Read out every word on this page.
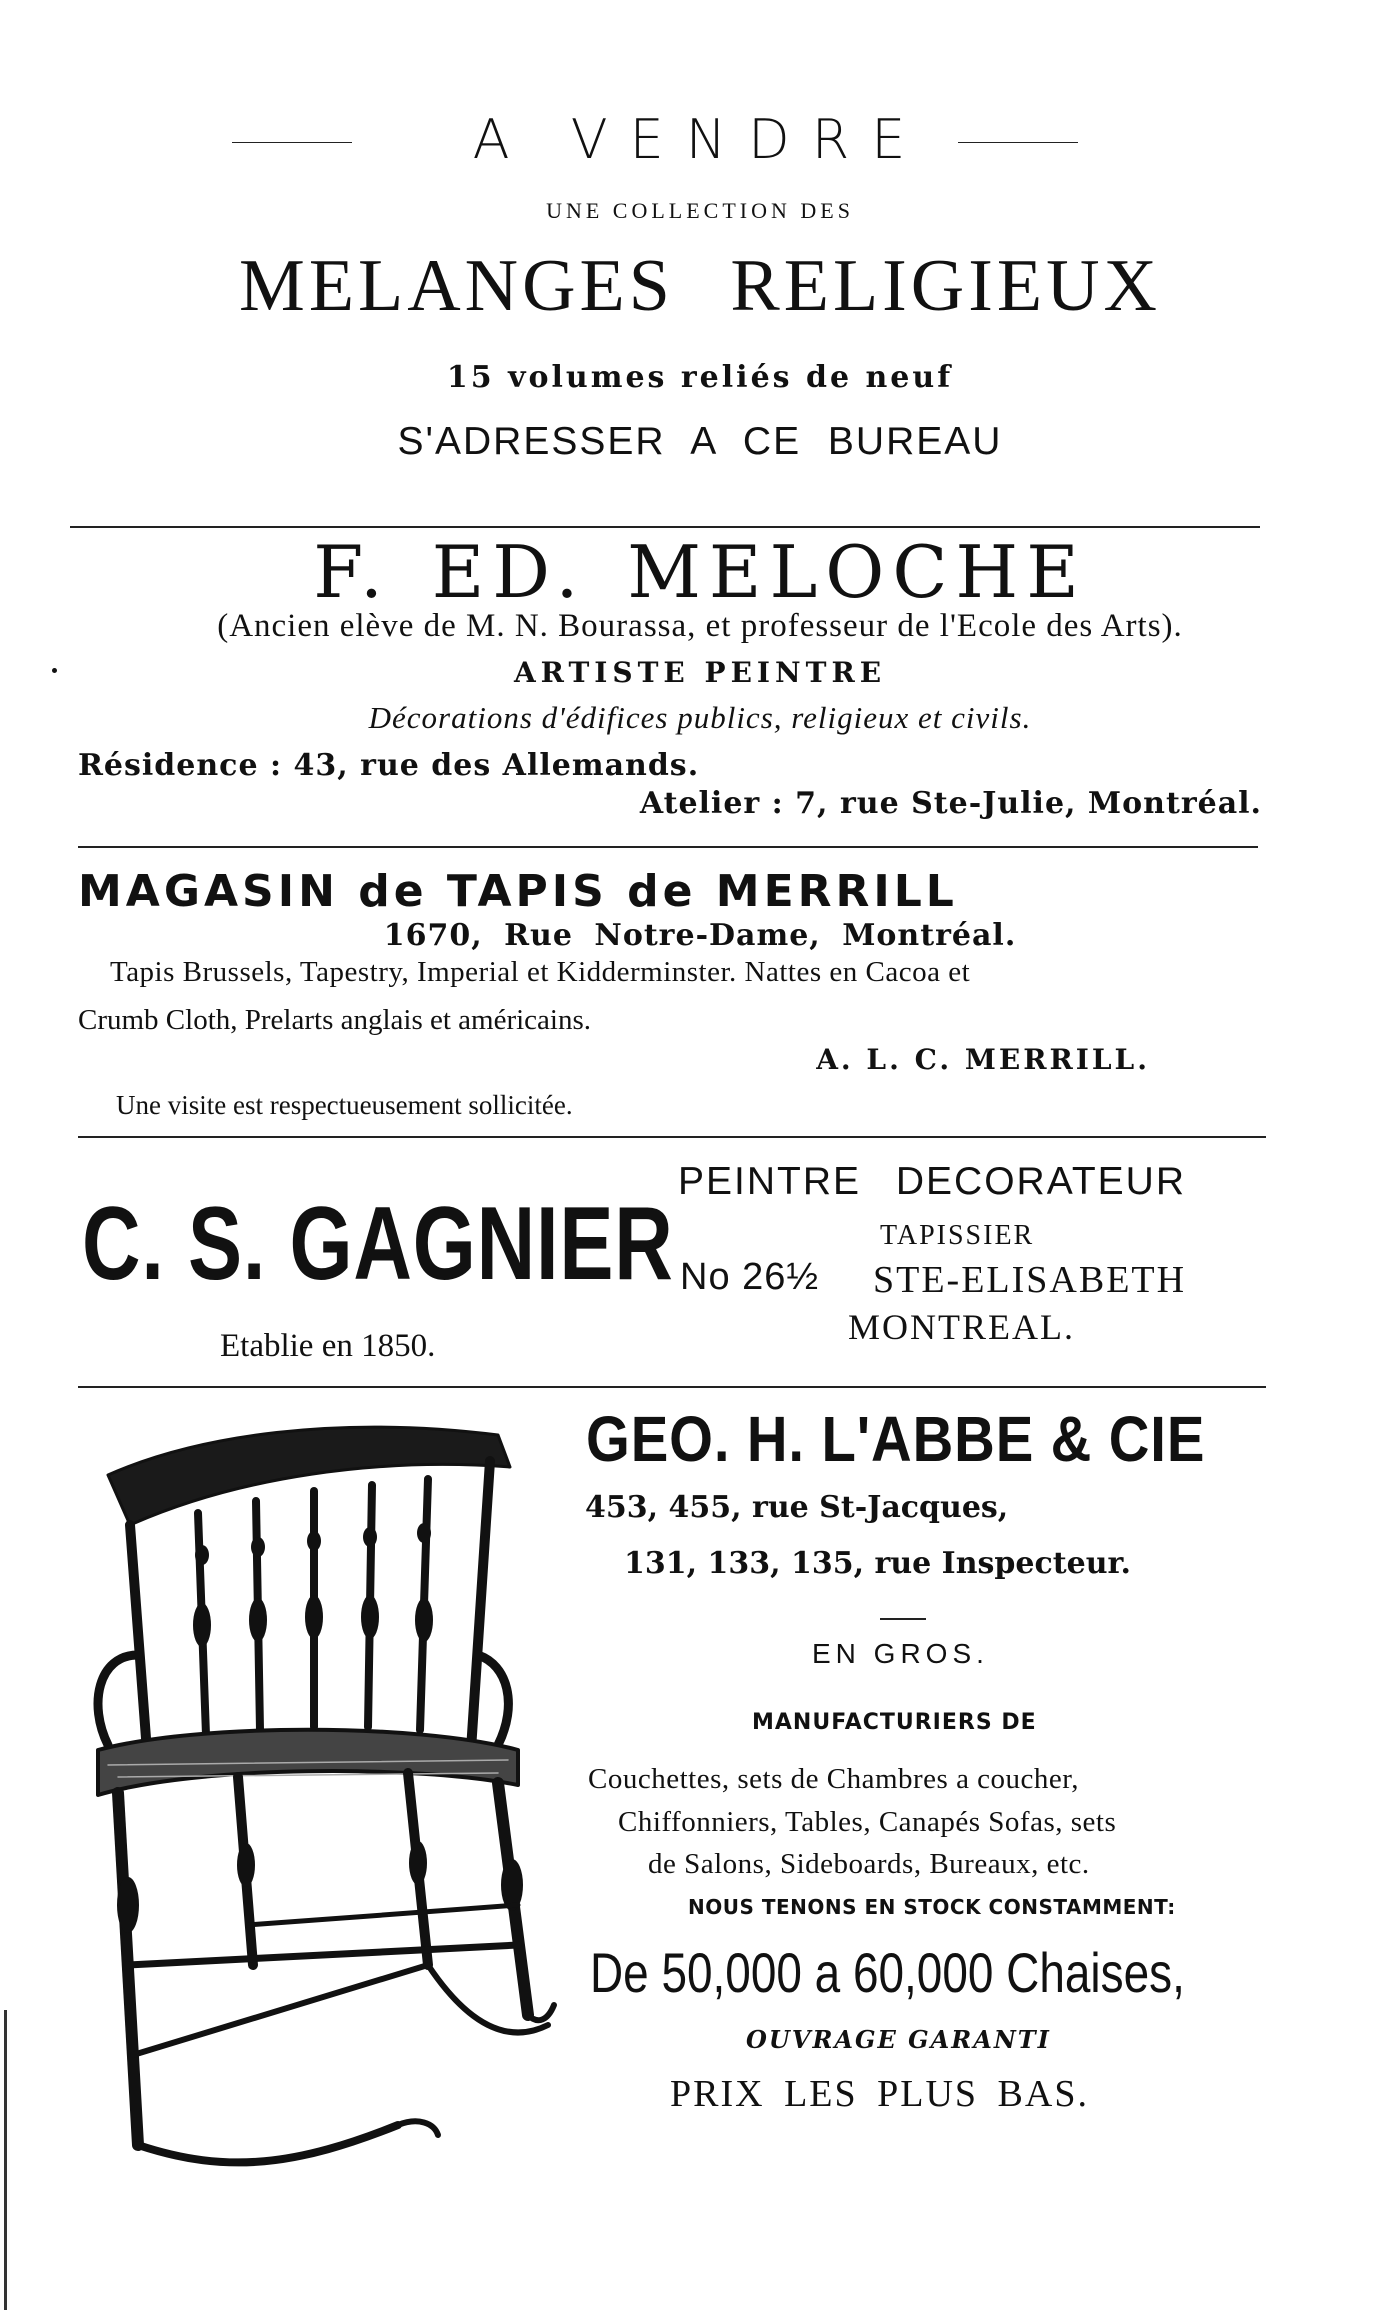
A VENDRE
UNE COLLECTION DES
MELANGES RELIGIEUX
15 volumes reliés de neuf
S'ADRESSER A CE BUREAU
F. ED. MELOCHE
(Ancien elève de M. N. Bourassa, et professeur de l'Ecole des Arts).
ARTISTE PEINTRE
Décorations d'édifices publics, religieux et civils.
Résidence : 43, rue des Allemands.
Atelier : 7, rue Ste-Julie, Montréal.
MAGASIN de TAPIS de MERRILL
1670, Rue Notre-Dame, Montréal.
Tapis Brussels, Tapestry, Imperial et Kidderminster. Nattes en Cacoa et
Crumb Cloth, Prelarts anglais et américains.
A. L. C. MERRILL.
Une visite est respectueusement sollicitée.
C. S. GAGNIER
Etablie en 1850.
PEINTRE DECORATEUR
TAPISSIER
No 26½ STE-ELISABETH
MONTREAL.
GEO. H. L'ABBE & CIE
453, 455, rue St-Jacques,
131, 133, 135, rue Inspecteur.
EN GROS.
MANUFACTURIERS DE
Couchettes, sets de Chambres a coucher,
Chiffonniers, Tables, Canapés Sofas, sets
de Salons, Sideboards, Bureaux, etc.
NOUS TENONS EN STOCK CONSTAMMENT:
De 50,000 a 60,000 Chaises,
OUVRAGE GARANTI
PRIX LES PLUS BAS.
